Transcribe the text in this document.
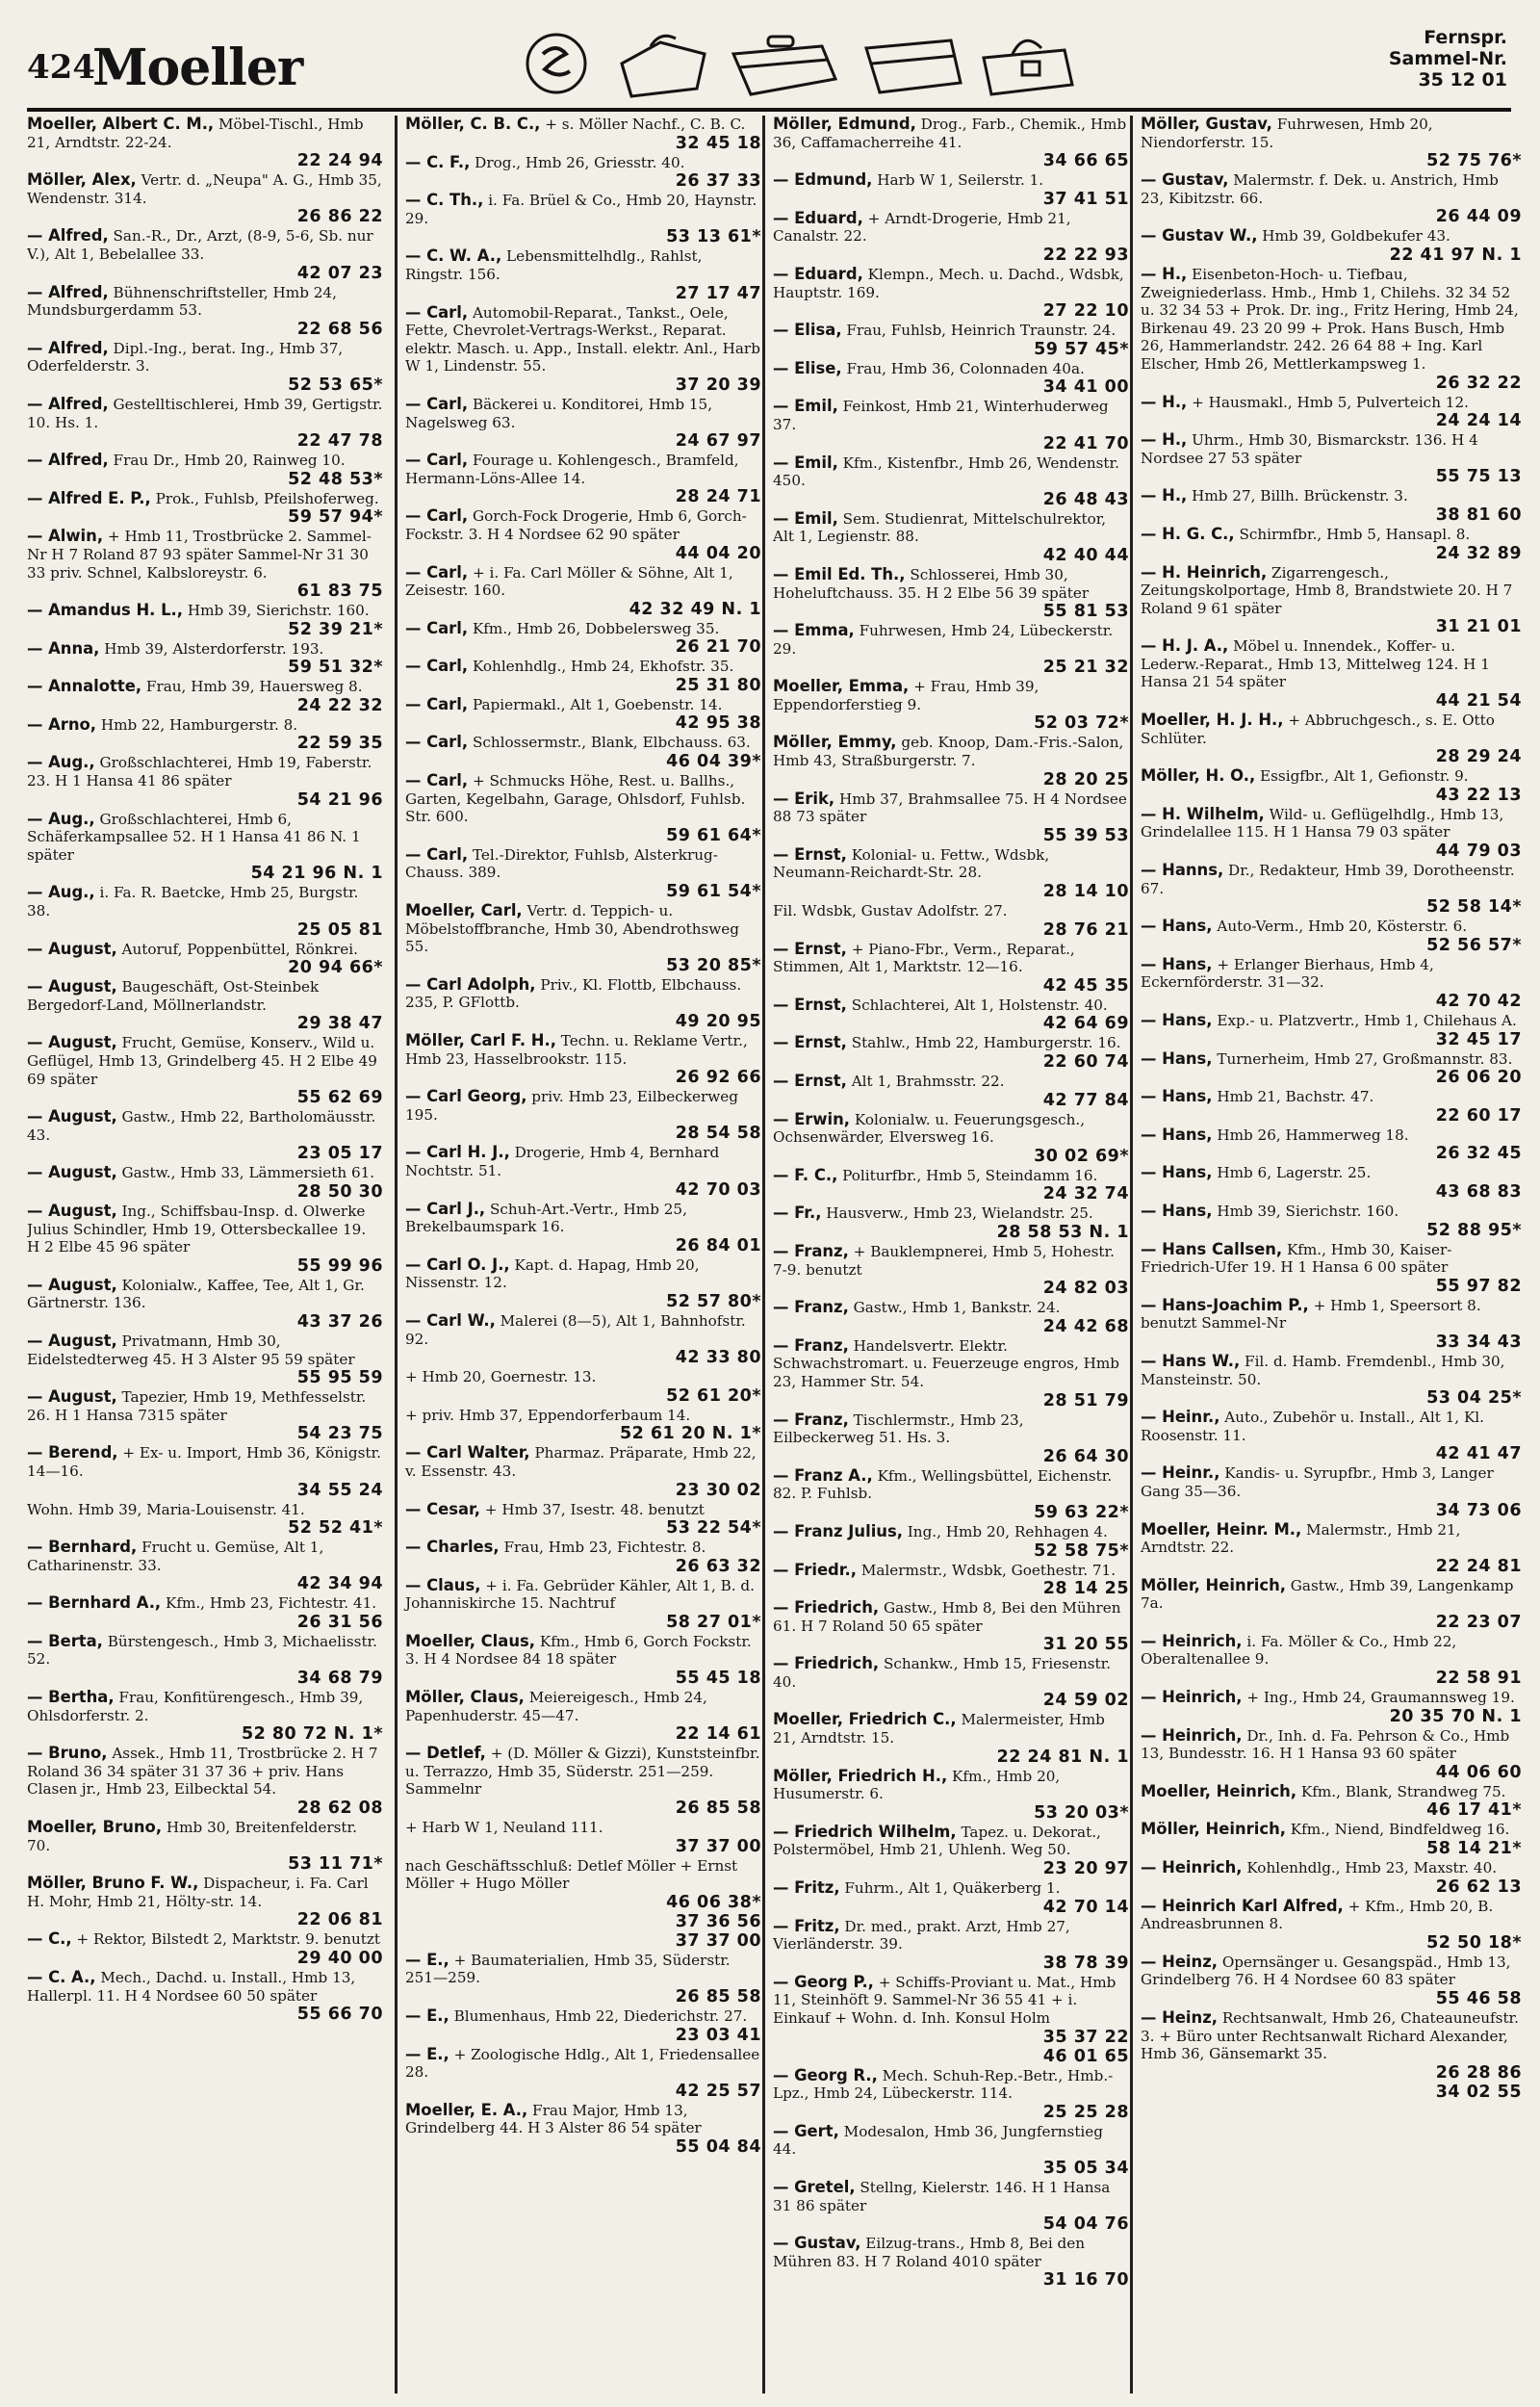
424
Moeller
Fernspr.
Sammel-Nr.
35 12 01
Moeller, Albert C. M., Möbel-Tischl., Hmb 21, Arndtstr. 22-24.
22 24 94
Möller, Alex, Vertr. d. „Neupa" A. G., Hmb 35, Wendenstr. 314.
26 86 22
— Alfred, San.-R., Dr., Arzt, (8-9, 5-6, Sb. nur V.), Alt 1, Bebelallee 33.
42 07 23
— Alfred, Bühnenschriftsteller, Hmb 24, Mundsburgerdamm 53.
22 68 56
— Alfred, Dipl.-Ing., berat. Ing., Hmb 37, Oderfelderstr. 3.
52 53 65*
— Alfred, Gestelltischlerei, Hmb 39, Gertigstr. 10. Hs. 1.
22 47 78
— Alfred, Frau Dr., Hmb 20, Rainweg 10.
52 48 53*
— Alfred E. P., Prok., Fuhlsb, Pfeilshoferweg.
59 57 94*
— Alwin, + Hmb 11, Trostbrücke 2. Sammel-Nr H 7 Roland 87 93 später Sammel-Nr 31 30 33 priv. Schnel, Kalbsloreystr. 6.
61 83 75
— Amandus H. L., Hmb 39, Sierichstr. 160.
52 39 21*
— Anna, Hmb 39, Alsterdorferstr. 193.
59 51 32*
— Annalotte, Frau, Hmb 39, Hauersweg 8.
24 22 32
— Arno, Hmb 22, Hamburgerstr. 8.
22 59 35
— Aug., Großschlachterei, Hmb 19, Faberstr. 23. H 1 Hansa 41 86 später
54 21 96
— Aug., Großschlachterei, Hmb 6, Schäferkampsallee 52. H 1 Hansa 41 86 N. 1 später
54 21 96 N. 1
— Aug., i. Fa. R. Baetcke, Hmb 25, Burgstr. 38.
25 05 81
— August, Autoruf, Poppenbüttel, Rönkrei.
20 94 66*
— August, Baugeschäft, Ost-Steinbek Bergedorf-Land, Möllnerlandstr.
29 38 47
— August, Frucht, Gemüse, Konserv., Wild u. Geflügel, Hmb 13, Grindelberg 45. H 2 Elbe 49 69 später
55 62 69
— August, Gastw., Hmb 22, Bartholomäusstr. 43.
23 05 17
— August, Gastw., Hmb 33, Lämmersieth 61.
28 50 30
— August, Ing., Schiffsbau-Insp. d. Olwerke Julius Schindler, Hmb 19, Ottersbeckallee 19. H 2 Elbe 45 96 später
55 99 96
— August, Kolonialw., Kaffee, Tee, Alt 1, Gr. Gärtnerstr. 136.
43 37 26
— August, Privatmann, Hmb 30, Eidelstedterweg 45. H 3 Alster 95 59 später
55 95 59
— August, Tapezier, Hmb 19, Methfesselstr. 26. H 1 Hansa 7315 später
54 23 75
— Berend, + Ex- u. Import, Hmb 36, Königstr. 14—16.
34 55 24
Wohn. Hmb 39, Maria-Louisenstr. 41.
52 52 41*
— Bernhard, Frucht u. Gemüse, Alt 1, Catharinenstr. 33.
42 34 94
— Bernhard A., Kfm., Hmb 23, Fichtestr. 41.
26 31 56
— Berta, Bürstengesch., Hmb 3, Michaelisstr. 52.
34 68 79
— Bertha, Frau, Konfitürengesch., Hmb 39, Ohlsdorferstr. 2.
52 80 72 N. 1*
— Bruno, Assek., Hmb 11, Trostbrücke 2. H 7 Roland 36 34 später 31 37 36 + priv. Hans Clasen jr., Hmb 23, Eilbecktal 54.
28 62 08
Moeller, Bruno, Hmb 30, Breitenfelderstr. 70.
53 11 71*
Möller, Bruno F. W., Dispacheur, i. Fa. Carl H. Mohr, Hmb 21, Hölty-str. 14.
22 06 81
— C., + Rektor, Bilstedt 2, Marktstr. 9. benutzt
29 40 00
— C. A., Mech., Dachd. u. Install., Hmb 13, Hallerpl. 11. H 4 Nordsee 60 50 später
55 66 70
Möller, C. B. C., + s. Möller Nachf., C. B. C.
32 45 18
— C. F., Drog., Hmb 26, Griesstr. 40.
26 37 33
— C. Th., i. Fa. Brüel & Co., Hmb 20, Haynstr. 29.
53 13 61*
— C. W. A., Lebensmittelhdlg., Rahlst, Ringstr. 156.
27 17 47
— Carl, Automobil-Reparat., Tankst., Oele, Fette, Chevrolet-Vertrags-Werkst., Reparat. elektr. Masch. u. App., Install. elektr. Anl., Harb W 1, Lindenstr. 55.
37 20 39
— Carl, Bäckerei u. Konditorei, Hmb 15, Nagelsweg 63.
24 67 97
— Carl, Fourage u. Kohlengesch., Bramfeld, Hermann-Löns-Allee 14.
28 24 71
— Carl, Gorch-Fock Drogerie, Hmb 6, Gorch-Fockstr. 3. H 4 Nordsee 62 90 später
44 04 20
— Carl, + i. Fa. Carl Möller & Söhne, Alt 1, Zeisestr. 160.
42 32 49 N. 1
— Carl, Kfm., Hmb 26, Dobbelersweg 35.
26 21 70
— Carl, Kohlenhdlg., Hmb 24, Ekhofstr. 35.
25 31 80
— Carl, Papiermakl., Alt 1, Goebenstr. 14.
42 95 38
— Carl, Schlossermstr., Blank, Elbchauss. 63.
46 04 39*
— Carl, + Schmucks Höhe, Rest. u. Ballhs., Garten, Kegelbahn, Garage, Ohlsdorf, Fuhlsb. Str. 600.
59 61 64*
— Carl, Tel.-Direktor, Fuhlsb, Alsterkrug-Chauss. 389.
59 61 54*
Moeller, Carl, Vertr. d. Teppich- u. Möbelstoffbranche, Hmb 30, Abendrothsweg 55.
53 20 85*
— Carl Adolph, Priv., Kl. Flottb, Elbchauss. 235, P. GFlottb.
49 20 95
Möller, Carl F. H., Techn. u. Reklame Vertr., Hmb 23, Hasselbrookstr. 115.
26 92 66
— Carl Georg, priv. Hmb 23, Eilbeckerweg 195.
28 54 58
— Carl H. J., Drogerie, Hmb 4, Bernhard Nochtstr. 51.
42 70 03
— Carl J., Schuh-Art.-Vertr., Hmb 25, Brekelbaumspark 16.
26 84 01
— Carl O. J., Kapt. d. Hapag, Hmb 20, Nissenstr. 12.
52 57 80*
— Carl W., Malerei (8—5), Alt 1, Bahnhofstr. 92.
42 33 80
+ Hmb 20, Goernestr. 13.
52 61 20*
+ priv. Hmb 37, Eppendorferbaum 14.
52 61 20 N. 1*
— Carl Walter, Pharmaz. Präparate, Hmb 22, v. Essenstr. 43.
23 30 02
— Cesar, + Hmb 37, Isestr. 48. benutzt
53 22 54*
— Charles, Frau, Hmb 23, Fichtestr. 8.
26 63 32
— Claus, + i. Fa. Gebrüder Kähler, Alt 1, B. d. Johanniskirche 15. Nachtruf
58 27 01*
Moeller, Claus, Kfm., Hmb 6, Gorch Fockstr. 3. H 4 Nordsee 84 18 später
55 45 18
Möller, Claus, Meiereigesch., Hmb 24, Papenhuderstr. 45—47.
22 14 61
— Detlef, + (D. Möller & Gizzi), Kunststeinfbr. u. Terrazzo, Hmb 35, Süderstr. 251—259. Sammelnr
26 85 58
+ Harb W 1, Neuland 111.
37 37 00
nach Geschäftsschluß: Detlef Möller + Ernst Möller + Hugo Möller
46 06 38*
37 36 56
37 37 00
— E., + Baumaterialien, Hmb 35, Süderstr. 251—259.
26 85 58
— E., Blumenhaus, Hmb 22, Diederichstr. 27.
23 03 41
— E., + Zoologische Hdlg., Alt 1, Friedensallee 28.
42 25 57
Moeller, E. A., Frau Major, Hmb 13, Grindelberg 44. H 3 Alster 86 54 später
55 04 84
Möller, Edmund, Drog., Farb., Chemik., Hmb 36, Caffamacherreihe 41.
34 66 65
— Edmund, Harb W 1, Seilerstr. 1.
37 41 51
— Eduard, + Arndt-Drogerie, Hmb 21, Canalstr. 22.
22 22 93
— Eduard, Klempn., Mech. u. Dachd., Wdsbk, Hauptstr. 169.
27 22 10
— Elisa, Frau, Fuhlsb, Heinrich Traunstr. 24.
59 57 45*
— Elise, Frau, Hmb 36, Colonnaden 40a.
34 41 00
— Emil, Feinkost, Hmb 21, Winterhuderweg 37.
22 41 70
— Emil, Kfm., Kistenfbr., Hmb 26, Wendenstr. 450.
26 48 43
— Emil, Sem. Studienrat, Mittelschulrektor, Alt 1, Legienstr. 88.
42 40 44
— Emil Ed. Th., Schlosserei, Hmb 30, Hoheluftchauss. 35. H 2 Elbe 56 39 später
55 81 53
— Emma, Fuhrwesen, Hmb 24, Lübeckerstr. 29.
25 21 32
Moeller, Emma, + Frau, Hmb 39, Eppendorferstieg 9.
52 03 72*
Möller, Emmy, geb. Knoop, Dam.-Fris.-Salon, Hmb 43, Straßburgerstr. 7.
28 20 25
— Erik, Hmb 37, Brahmsallee 75. H 4 Nordsee 88 73 später
55 39 53
— Ernst, Kolonial- u. Fettw., Wdsbk, Neumann-Reichardt-Str. 28.
28 14 10
Fil. Wdsbk, Gustav Adolfstr. 27.
28 76 21
— Ernst, + Piano-Fbr., Verm., Reparat., Stimmen, Alt 1, Marktstr. 12—16.
42 45 35
— Ernst, Schlachterei, Alt 1, Holstenstr. 40.
42 64 69
— Ernst, Stahlw., Hmb 22, Hamburgerstr. 16.
22 60 74
— Ernst, Alt 1, Brahmsstr. 22.
42 77 84
— Erwin, Kolonialw. u. Feuerungsgesch., Ochsenwärder, Elversweg 16.
30 02 69*
— F. C., Politurfbr., Hmb 5, Steindamm 16.
24 32 74
— Fr., Hausverw., Hmb 23, Wielandstr. 25.
28 58 53 N. 1
— Franz, + Bauklempnerei, Hmb 5, Hohestr. 7-9. benutzt
24 82 03
— Franz, Gastw., Hmb 1, Bankstr. 24.
24 42 68
— Franz, Handelsvertr. Elektr. Schwachstromart. u. Feuerzeuge engros, Hmb 23, Hammer Str. 54.
28 51 79
— Franz, Tischlermstr., Hmb 23, Eilbeckerweg 51. Hs. 3.
26 64 30
— Franz A., Kfm., Wellingsbüttel, Eichenstr. 82. P. Fuhlsb.
59 63 22*
— Franz Julius, Ing., Hmb 20, Rehhagen 4.
52 58 75*
— Friedr., Malermstr., Wdsbk, Goethestr. 71.
28 14 25
— Friedrich, Gastw., Hmb 8, Bei den Mühren 61. H 7 Roland 50 65 später
31 20 55
— Friedrich, Schankw., Hmb 15, Friesenstr. 40.
24 59 02
Moeller, Friedrich C., Malermeister, Hmb 21, Arndtstr. 15.
22 24 81 N. 1
Möller, Friedrich H., Kfm., Hmb 20, Husumerstr. 6.
53 20 03*
— Friedrich Wilhelm, Tapez. u. Dekorat., Polstermöbel, Hmb 21, Uhlenh. Weg 50.
23 20 97
— Fritz, Fuhrm., Alt 1, Quäkerberg 1.
42 70 14
— Fritz, Dr. med., prakt. Arzt, Hmb 27, Vierländerstr. 39.
38 78 39
— Georg P., + Schiffs-Proviant u. Mat., Hmb 11, Steinhöft 9. Sammel-Nr 36 55 41 + i. Einkauf + Wohn. d. Inh. Konsul Holm
35 37 22
46 01 65
— Georg R., Mech. Schuh-Rep.-Betr., Hmb.-Lpz., Hmb 24, Lübeckerstr. 114.
25 25 28
— Gert, Modesalon, Hmb 36, Jungfernstieg 44.
35 05 34
— Gretel, Stellng, Kielerstr. 146. H 1 Hansa 31 86 später
54 04 76
— Gustav, Eilzug-trans., Hmb 8, Bei den Mühren 83. H 7 Roland 4010 später
31 16 70
Möller, Gustav, Fuhrwesen, Hmb 20, Niendorferstr. 15.
52 75 76*
— Gustav, Malermstr. f. Dek. u. Anstrich, Hmb 23, Kibitzstr. 66.
26 44 09
— Gustav W., Hmb 39, Goldbekufer 43.
22 41 97 N. 1
— H., Eisenbeton-Hoch- u. Tiefbau, Zweigniederlass. Hmb., Hmb 1, Chilehs. 32 34 52 u. 32 34 53 + Prok. Dr. ing., Fritz Hering, Hmb 24, Birkenau 49. 23 20 99 + Prok. Hans Busch, Hmb 26, Hammerlandstr. 242. 26 64 88 + Ing. Karl Elscher, Hmb 26, Mettlerkampsweg 1.
26 32 22
— H., + Hausmakl., Hmb 5, Pulverteich 12.
24 24 14
— H., Uhrm., Hmb 30, Bismarckstr. 136. H 4 Nordsee 27 53 später
55 75 13
— H., Hmb 27, Billh. Brückenstr. 3.
38 81 60
— H. G. C., Schirmfbr., Hmb 5, Hansapl. 8.
24 32 89
— H. Heinrich, Zigarrengesch., Zeitungskolportage, Hmb 8, Brandstwiete 20. H 7 Roland 9 61 später
31 21 01
— H. J. A., Möbel u. Innendek., Koffer- u. Lederw.-Reparat., Hmb 13, Mittelweg 124. H 1 Hansa 21 54 später
44 21 54
Moeller, H. J. H., + Abbruchgesch., s. E. Otto Schlüter.
28 29 24
Möller, H. O., Essigfbr., Alt 1, Gefionstr. 9.
43 22 13
— H. Wilhelm, Wild- u. Geflügelhdlg., Hmb 13, Grindelallee 115. H 1 Hansa 79 03 später
44 79 03
— Hanns, Dr., Redakteur, Hmb 39, Dorotheenstr. 67.
52 58 14*
— Hans, Auto-Verm., Hmb 20, Kösterstr. 6.
52 56 57*
— Hans, + Erlanger Bierhaus, Hmb 4, Eckernförderstr. 31—32.
42 70 42
— Hans, Exp.- u. Platzvertr., Hmb 1, Chilehaus A.
32 45 17
— Hans, Turnerheim, Hmb 27, Großmannstr. 83.
26 06 20
— Hans, Hmb 21, Bachstr. 47.
22 60 17
— Hans, Hmb 26, Hammerweg 18.
26 32 45
— Hans, Hmb 6, Lagerstr. 25.
43 68 83
— Hans, Hmb 39, Sierichstr. 160.
52 88 95*
— Hans Callsen, Kfm., Hmb 30, Kaiser-Friedrich-Ufer 19. H 1 Hansa 6 00 später
55 97 82
— Hans-Joachim P., + Hmb 1, Speersort 8. benutzt Sammel-Nr
33 34 43
— Hans W., Fil. d. Hamb. Fremdenbl., Hmb 30, Mansteinstr. 50.
53 04 25*
— Heinr., Auto., Zubehör u. Install., Alt 1, Kl. Roosenstr. 11.
42 41 47
— Heinr., Kandis- u. Syrupfbr., Hmb 3, Langer Gang 35—36.
34 73 06
Moeller, Heinr. M., Malermstr., Hmb 21, Arndtstr. 22.
22 24 81
Möller, Heinrich, Gastw., Hmb 39, Langenkamp 7a.
22 23 07
— Heinrich, i. Fa. Möller & Co., Hmb 22, Oberaltenallee 9.
22 58 91
— Heinrich, + Ing., Hmb 24, Graumannsweg 19.
20 35 70 N. 1
— Heinrich, Dr., Inh. d. Fa. Pehrson & Co., Hmb 13, Bundesstr. 16. H 1 Hansa 93 60 später
44 06 60
Moeller, Heinrich, Kfm., Blank, Strandweg 75.
46 17 41*
Möller, Heinrich, Kfm., Niend, Bindfeldweg 16.
58 14 21*
— Heinrich, Kohlenhdlg., Hmb 23, Maxstr. 40.
26 62 13
— Heinrich Karl Alfred, + Kfm., Hmb 20, B. Andreasbrunnen 8.
52 50 18*
— Heinz, Opernsänger u. Gesangspäd., Hmb 13, Grindelberg 76. H 4 Nordsee 60 83 später
55 46 58
— Heinz, Rechtsanwalt, Hmb 26, Chateauneufstr. 3. + Büro unter Rechtsanwalt Richard Alexander, Hmb 36, Gänsemarkt 35.
26 28 86
34 02 55
